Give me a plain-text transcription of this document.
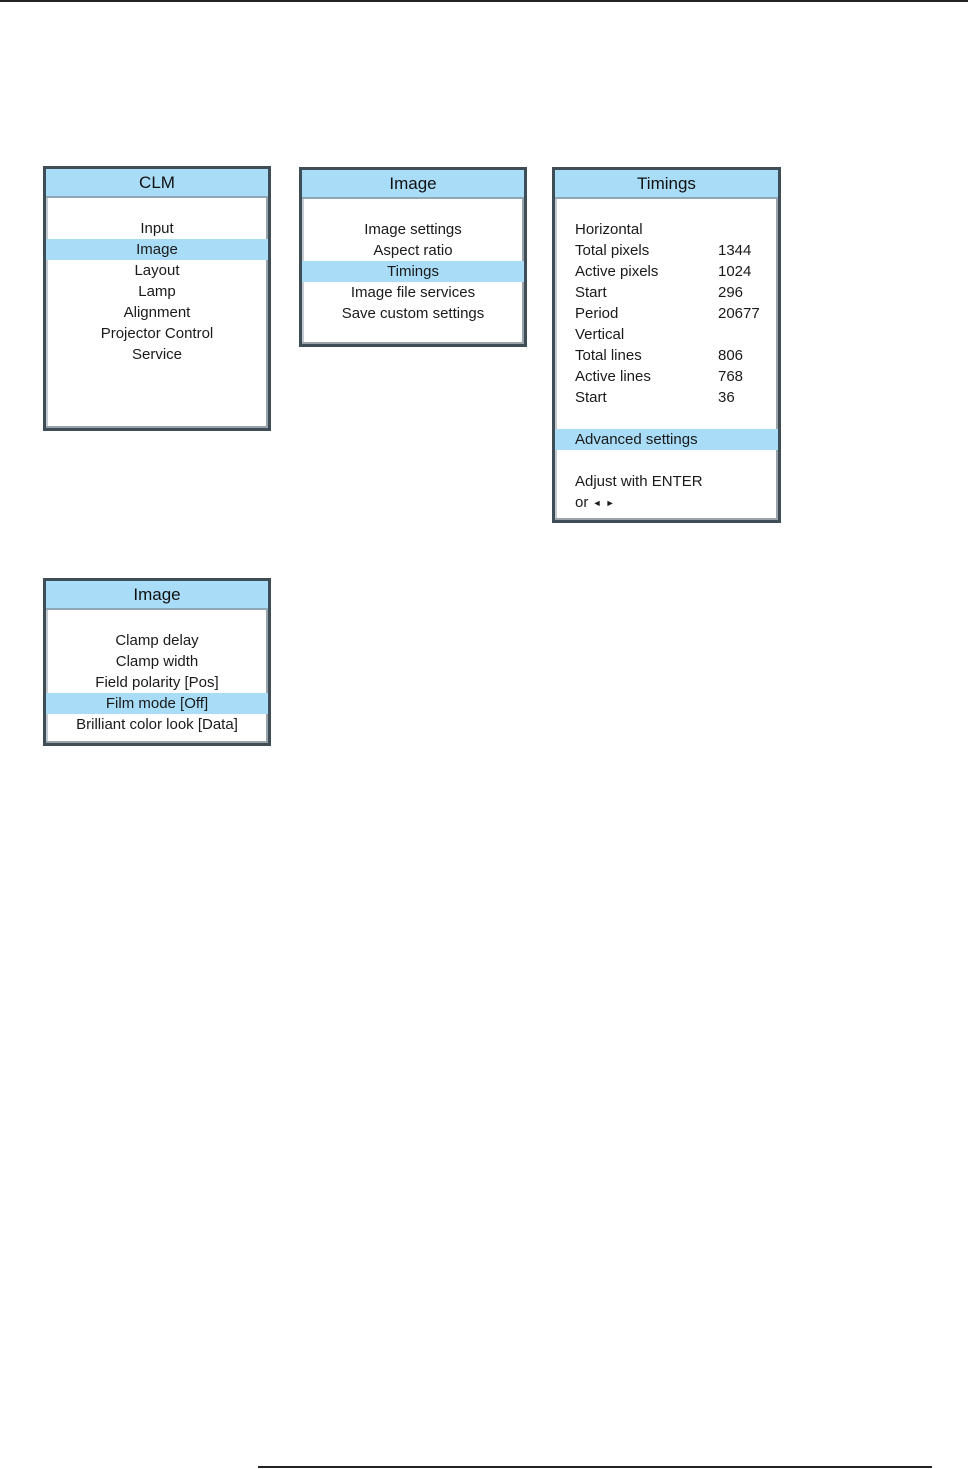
CLM
Input
Image
Layout
Lamp
Alignment
Projector Control
Service
Image
Image settings
Aspect ratio
Timings
Image file services
Save custom settings
Timings
Horizontal
Total pixels	1344
Active pixels	1024
Start	296
Period	20677
Vertical
Total lines	806
Active lines	768
Start	36
Advanced settings
Adjust with ENTER
or ◄ ►
Image
Clamp delay
Clamp width
Field polarity [Pos]
Film mode [Off]
Brilliant color look [Data]
